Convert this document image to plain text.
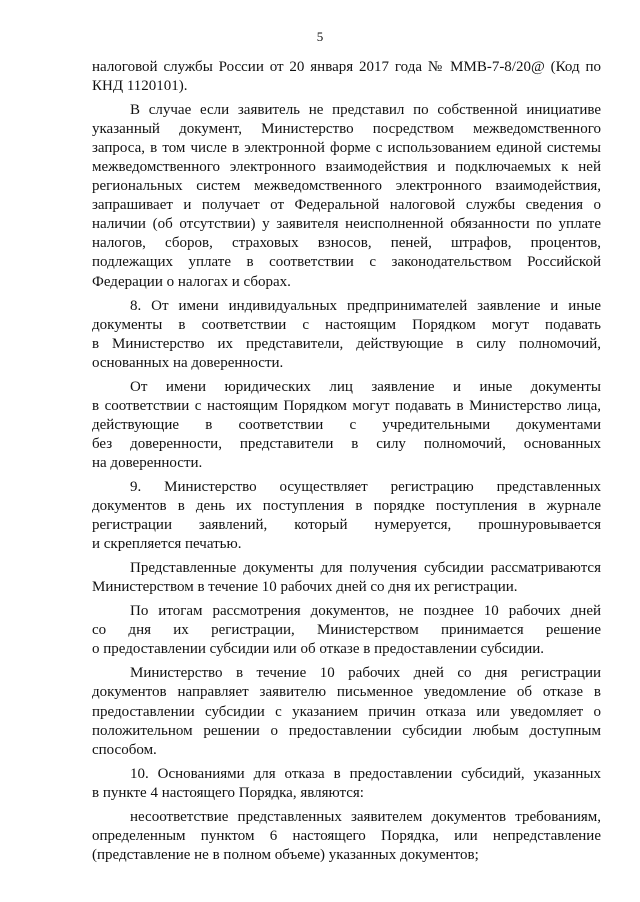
5

налоговой службы России от 20 января 2017 года № ММВ-7-8/20@ (Код по
КНД 1120101).

В случае если заявитель не представил по собственной инициативе
указанный документ, Министерство посредством межведомственного
запроса, в том числе в электронной форме с использованием единой системы
межведомственного электронного взаимодействия и подключаемых к ней
региональных систем межведомственного электронного взаимодействия,
запрашивает и получает от Федеральной налоговой службы сведения о
наличии (об отсутствии) у заявителя неисполненной обязанности по уплате
налогов, сборов, страховых взносов, пеней, штрафов, процентов,
подлежащих уплате в соответствии с законодательством Российской
Федерации о налогах и сборах.

8. От имени индивидуальных предпринимателей заявление и иные
документы в соответствии с настоящим Порядком могут подавать
в Министерство их представители, действующие в силу полномочий,
основанных на доверенности.

От имени юридических лиц заявление и иные документы
в соответствии с настоящим Порядком могут подавать в Министерство лица,
действующие в соответствии с учредительными документами
без доверенности, представители в силу полномочий, основанных
на доверенности.

9. Министерство осуществляет регистрацию представленных
документов в день их поступления в порядке поступления в журнале
регистрации заявлений, который нумеруется, прошнуровывается
и скрепляется печатью.

Представленные документы для получения субсидии рассматриваются
Министерством в течение 10 рабочих дней со дня их регистрации.

По итогам рассмотрения документов, не позднее 10 рабочих дней
со дня их регистрации, Министерством принимается решение
о предоставлении субсидии или об отказе в предоставлении субсидии.

Министерство в течение 10 рабочих дней со дня регистрации
документов направляет заявителю письменное уведомление об отказе в
предоставлении субсидии с указанием причин отказа или уведомляет о
положительном решении о предоставлении субсидии любым доступным
способом.

10. Основаниями для отказа в предоставлении субсидий, указанных
в пункте 4 настоящего Порядка, являются:

несоответствие представленных заявителем документов требованиям,
определенным пунктом 6 настоящего Порядка, или непредставление
(представление не в полном объеме) указанных документов;
